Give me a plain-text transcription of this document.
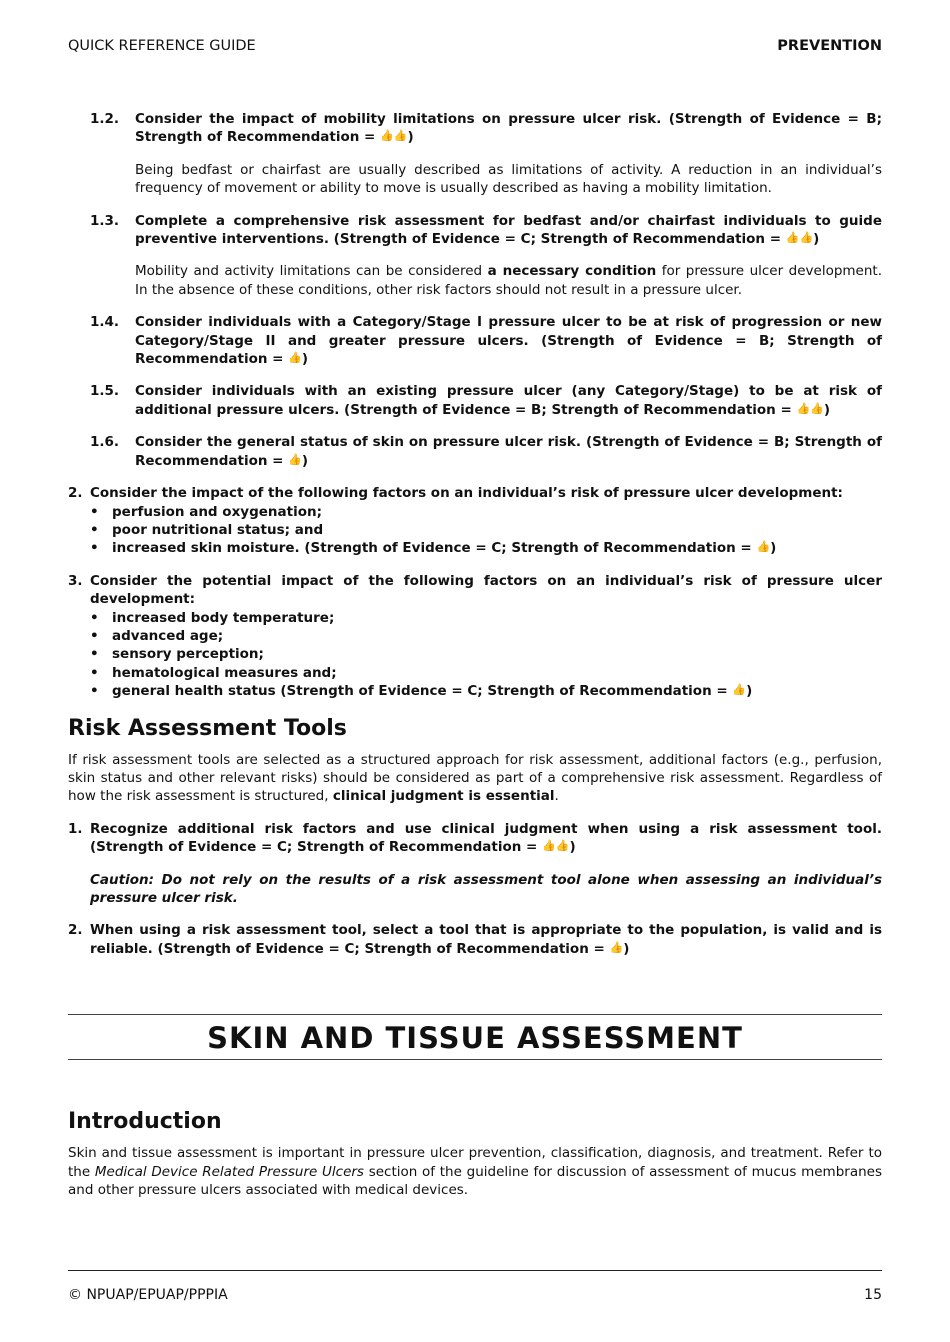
QUICK REFERENCE GUIDE	PREVENTION
1.2. Consider the impact of mobility limitations on pressure ulcer risk. (Strength of Evidence = B; Strength of Recommendation = 👍👍)

Being bedfast or chairfast are usually described as limitations of activity. A reduction in an individual’s frequency of movement or ability to move is usually described as having a mobility limitation.

1.3. Complete a comprehensive risk assessment for bedfast and/or chairfast individuals to guide preventive interventions. (Strength of Evidence = C; Strength of Recommendation = 👍👍)

Mobility and activity limitations can be considered a necessary condition for pressure ulcer development. In the absence of these conditions, other risk factors should not result in a pressure ulcer.

1.4. Consider individuals with a Category/Stage I pressure ulcer to be at risk of progression or new Category/Stage II and greater pressure ulcers. (Strength of Evidence = B; Strength of Recommendation = 👍)

1.5. Consider individuals with an existing pressure ulcer (any Category/Stage) to be at risk of additional pressure ulcers. (Strength of Evidence = B; Strength of Recommendation = 👍👍)

1.6. Consider the general status of skin on pressure ulcer risk. (Strength of Evidence = B; Strength of Recommendation = 👍)

2. Consider the impact of the following factors on an individual’s risk of pressure ulcer development:

• perfusion and oxygenation;
• poor nutritional status; and
• increased skin moisture. (Strength of Evidence = C; Strength of Recommendation = 👍)
3. Consider the potential impact of the following factors on an individual’s risk of pressure ulcer development:

• increased body temperature;
• advanced age;
• sensory perception;
• hematological measures and;
• general health status (Strength of Evidence = C; Strength of Recommendation = 👍)
Risk Assessment Tools

If risk assessment tools are selected as a structured approach for risk assessment, additional factors (e.g., perfusion, skin status and other relevant risks) should be considered as part of a comprehensive risk assessment. Regardless of how the risk assessment is structured, clinical judgment is essential.

1. Recognize additional risk factors and use clinical judgment when using a risk assessment tool. (Strength of Evidence = C; Strength of Recommendation = 👍👍)

Caution: Do not rely on the results of a risk assessment tool alone when assessing an individual’s pressure ulcer risk.

2. When using a risk assessment tool, select a tool that is appropriate to the population, is valid and is reliable. (Strength of Evidence = C; Strength of Recommendation = 👍)

SKIN AND TISSUE ASSESSMENT
Introduction

Skin and tissue assessment is important in pressure ulcer prevention, classification, diagnosis, and treatment. Refer to the Medical Device Related Pressure Ulcers section of the guideline for discussion of assessment of mucus membranes and other pressure ulcers associated with medical devices.

© NPUAP/EPUAP/PPPIA	15
